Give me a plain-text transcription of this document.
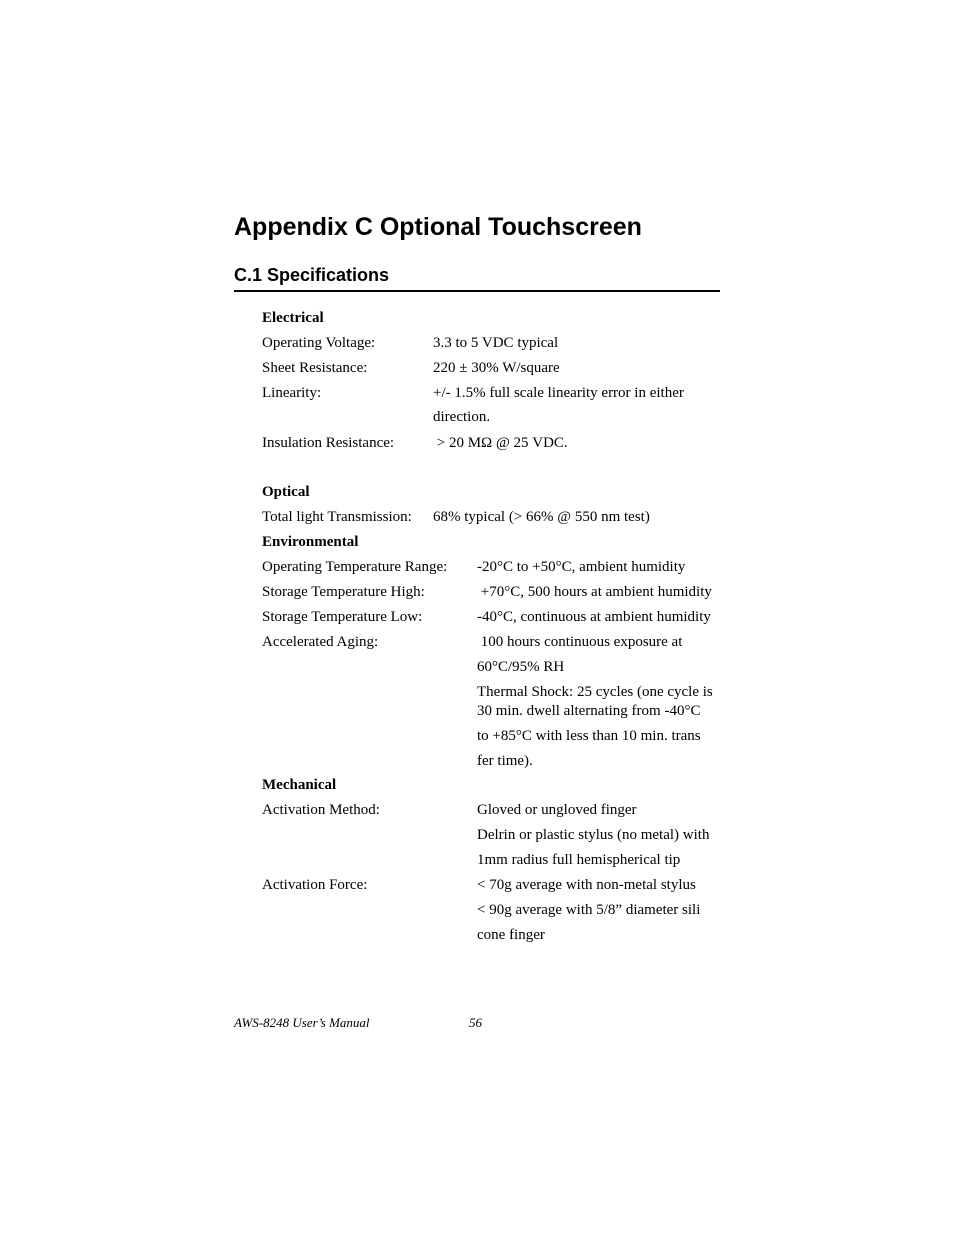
Appendix C Optional Touchscreen
C.1 Specifications
Electrical
Operating Voltage:	3.3 to 5 VDC typical
Sheet Resistance:	220 ± 30% W/square
Linearity:	+/- 1.5% full scale linearity error in either
direction.
Insulation Resistance:	> 20 MΩ @ 25 VDC.
Optical
Total light Transmission: 68% typical (> 66% @ 550 nm test)
Environmental
Operating Temperature Range: -20°C to +50°C, ambient humidity
Storage Temperature High:	+70°C, 500 hours at ambient humidity
Storage Temperature Low:	-40°C, continuous at ambient humidity
Accelerated Aging:	100 hours continuous exposure at
60°C/95% RH
Thermal Shock: 25 cycles (one cycle is
30 min. dwell alternating from -40°C
to +85°C with less than 10 min. trans
fer time).
Mechanical
Activation Method:	Gloved or ungloved finger
Delrin or plastic stylus (no metal) with
1mm radius full hemispherical tip
Activation Force:	< 70g average with non-metal stylus
< 90g average with 5/8” diameter sili
cone finger
AWS-8248 User’s Manual	56
